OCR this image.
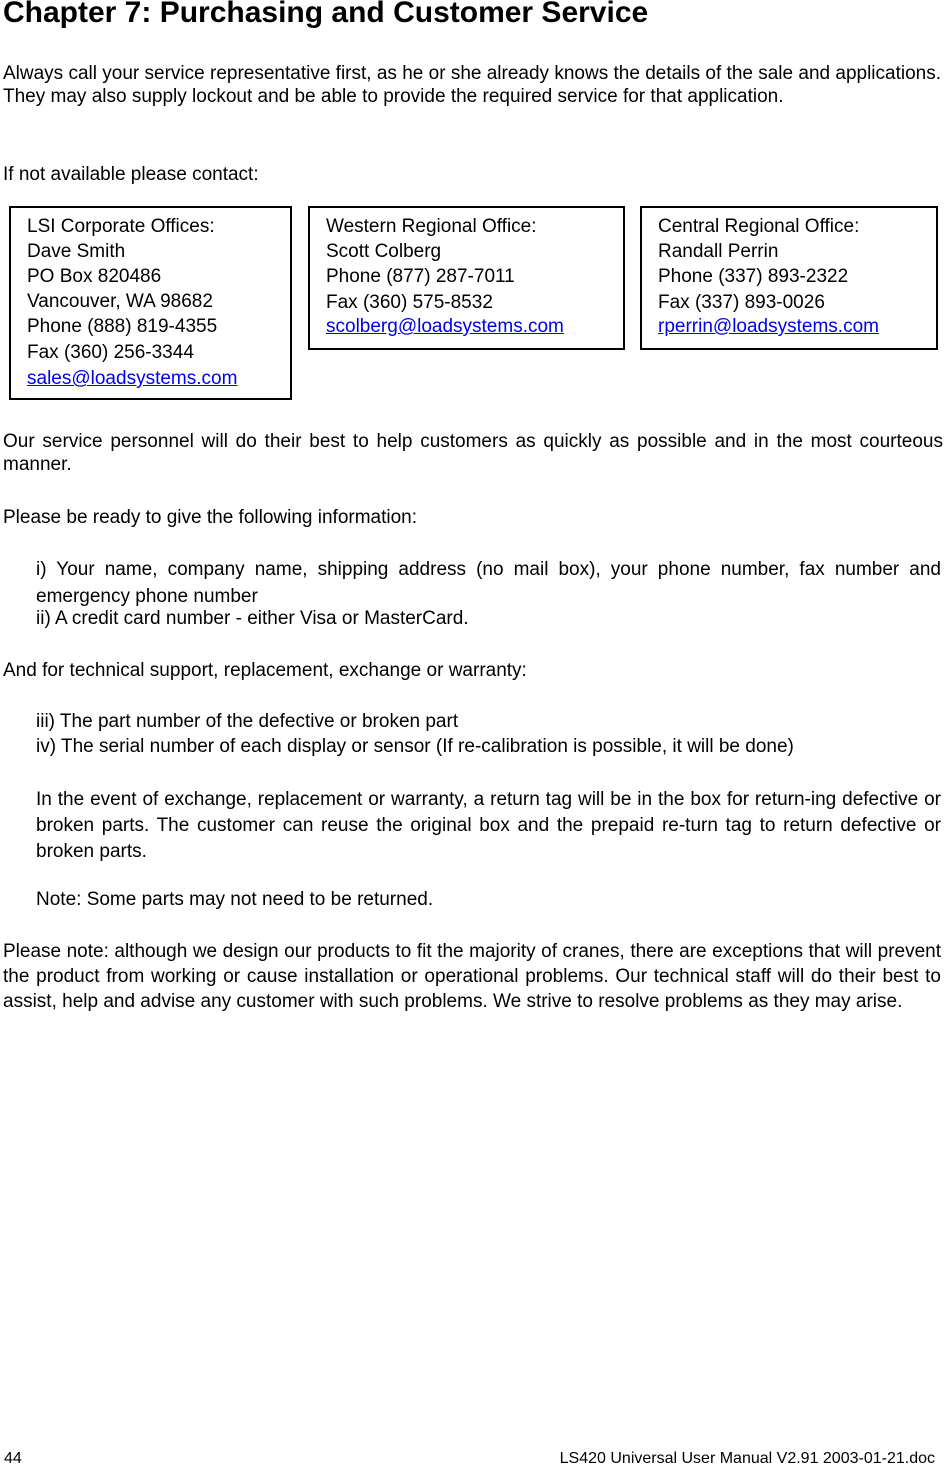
Chapter 7: Purchasing and Customer Service

Always call your service representative first, as he or she already knows the details of the sale and applications. They may also supply lockout and be able to provide the required service for that application.

If not available please contact:

LSI Corporate Offices:
Dave Smith
PO Box 820486
Vancouver, WA 98682
Phone (888) 819-4355
Fax (360) 256-3344
sales@loadsystems.com
Western Regional Office:
Scott Colberg
Phone (877) 287-7011
Fax (360) 575-8532
scolberg@loadsystems.com
Central Regional Office:
Randall Perrin
Phone (337) 893-2322
Fax (337) 893-0026
rperrin@loadsystems.com

Our service personnel will do their best to help customers as quickly as possible and in the most courteous manner.

Please be ready to give the following information:

i) Your name, company name, shipping address (no mail box), your phone number, fax number and emergency phone number

ii) A credit card number - either Visa or MasterCard.

And for technical support, replacement, exchange or warranty:

iii) The part number of the defective or broken part

iv) The serial number of each display or sensor (If re-calibration is possible, it will be done)

In the event of exchange, replacement or warranty, a return tag will be in the box for return-ing defective or broken parts. The customer can reuse the original box and the prepaid re-turn tag to return defective or broken parts.

Note: Some parts may not need to be returned.

Please note: although we design our products to fit the majority of cranes, there are exceptions that will prevent the product from working or cause installation or operational problems. Our technical staff will do their best to assist, help and advise any customer with such problems. We strive to resolve problems as they may arise.

44	LS420 Universal User Manual V2.91 2003-01-21.doc
